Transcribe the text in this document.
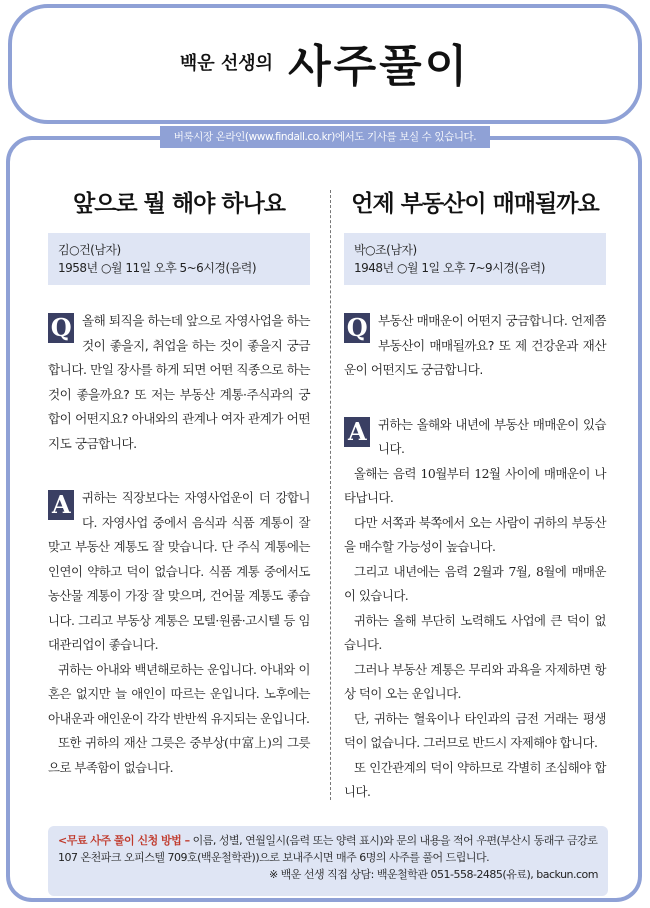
백운 선생의 사주풀이
버룩시장 온라인(www.findall.co.kr)에서도 기사를 보실 수 있습니다.
앞으로 뭘 해야 하나요
김○건(남자)
1958년 ○월 11일 오후 5~6시경(음력)
Q 올해 퇴직을 하는데 앞으로 자영사업을 하는 것이 좋을지, 취업을 하는 것이 좋을지 궁금합니다. 만일 장사를 하게 되면 어떤 직종으로 하는 것이 좋을까요? 또 저는 부동산 계통·주식과의 궁합이 어떤지요? 아내와의 관계나 여자 관계가 어떤지도 궁금합니다.

A 귀하는 직장보다는 자영사업운이 더 강합니다. 자영사업 중에서 음식과 식품 계통이 잘 맞고 부동산 계통도 잘 맞습니다. 단 주식 계통에는 인연이 약하고 덕이 없습니다. 식품 계통 중에서도 농산물 계통이 가장 잘 맞으며, 건어물 계통도 좋습니다. 그리고 부동상 계통은 모텔·원룸·고시텔 등 임대관리업이 좋습니다.

귀하는 아내와 백년해로하는 운입니다. 아내와 이혼은 없지만 늘 애인이 따르는 운입니다. 노후에는 아내운과 애인운이 각각 반반씩 유지되는 운입니다.

또한 귀하의 재산 그릇은 중부상(中富上)의 그릇으로 부족함이 없습니다.

언제 부동산이 매매될까요
박○조(남자)
1948년 ○월 1일 오후 7~9시경(음력)
Q 부동산 매매운이 어떤지 궁금합니다. 언제쯤 부동산이 매매될까요? 또 제 건강운과 재산운이 어떤지도 궁금합니다.

A 귀하는 올해와 내년에 부동산 매매운이 있습니다.

올해는 음력 10월부터 12월 사이에 매매운이 나타납니다.

다만 서쪽과 북쪽에서 오는 사람이 귀하의 부동산을 매수할 가능성이 높습니다.

그리고 내년에는 음력 2월과 7월, 8월에 매매운이 있습니다.

귀하는 올해 부단히 노력해도 사업에 큰 덕이 없습니다.

그러나 부동산 계통은 무리와 과욕을 자제하면 항상 덕이 오는 운입니다.

단, 귀하는 혈육이나 타인과의 금전 거래는 평생 덕이 없습니다. 그러므로 반드시 자제해야 합니다.

또 인간관계의 덕이 약하므로 각별히 조심해야 합니다.

<무료 사주 풀이 신청 방법 – 이름, 성별, 연월일시(음력 또는 양력 표시)와 문의 내용을 적어 우편(부산시 동래구 금강로 107 온천파크 오피스텔 709호(백운철학관))으로 보내주시면 매주 6명의 사주를 풀어 드립니다.
※ 백운 선생 직접 상담: 백운철학관 051-558-2485(유료), backun.com
